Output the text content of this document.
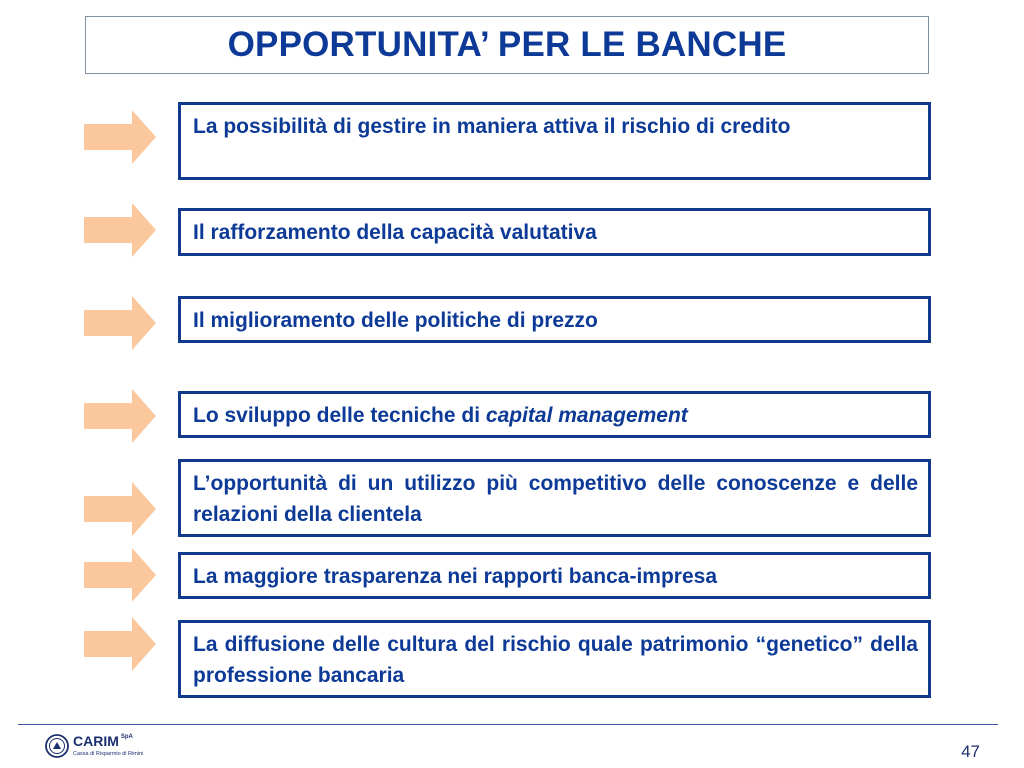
OPPORTUNITA’ PER LE BANCHE
La possibilità di gestire in maniera attiva il rischio di credito
Il rafforzamento della capacità valutativa
Il miglioramento delle politiche di prezzo
Lo sviluppo delle tecniche di capital management
L’opportunità di un utilizzo più competitivo delle conoscenze e delle relazioni della clientela
La maggiore trasparenza nei rapporti banca-impresa
La diffusione delle cultura del rischio quale patrimonio “genetico” della professione bancaria
CARIM $^{SpA}$
Cassa di Risparmio di Rimini	47
